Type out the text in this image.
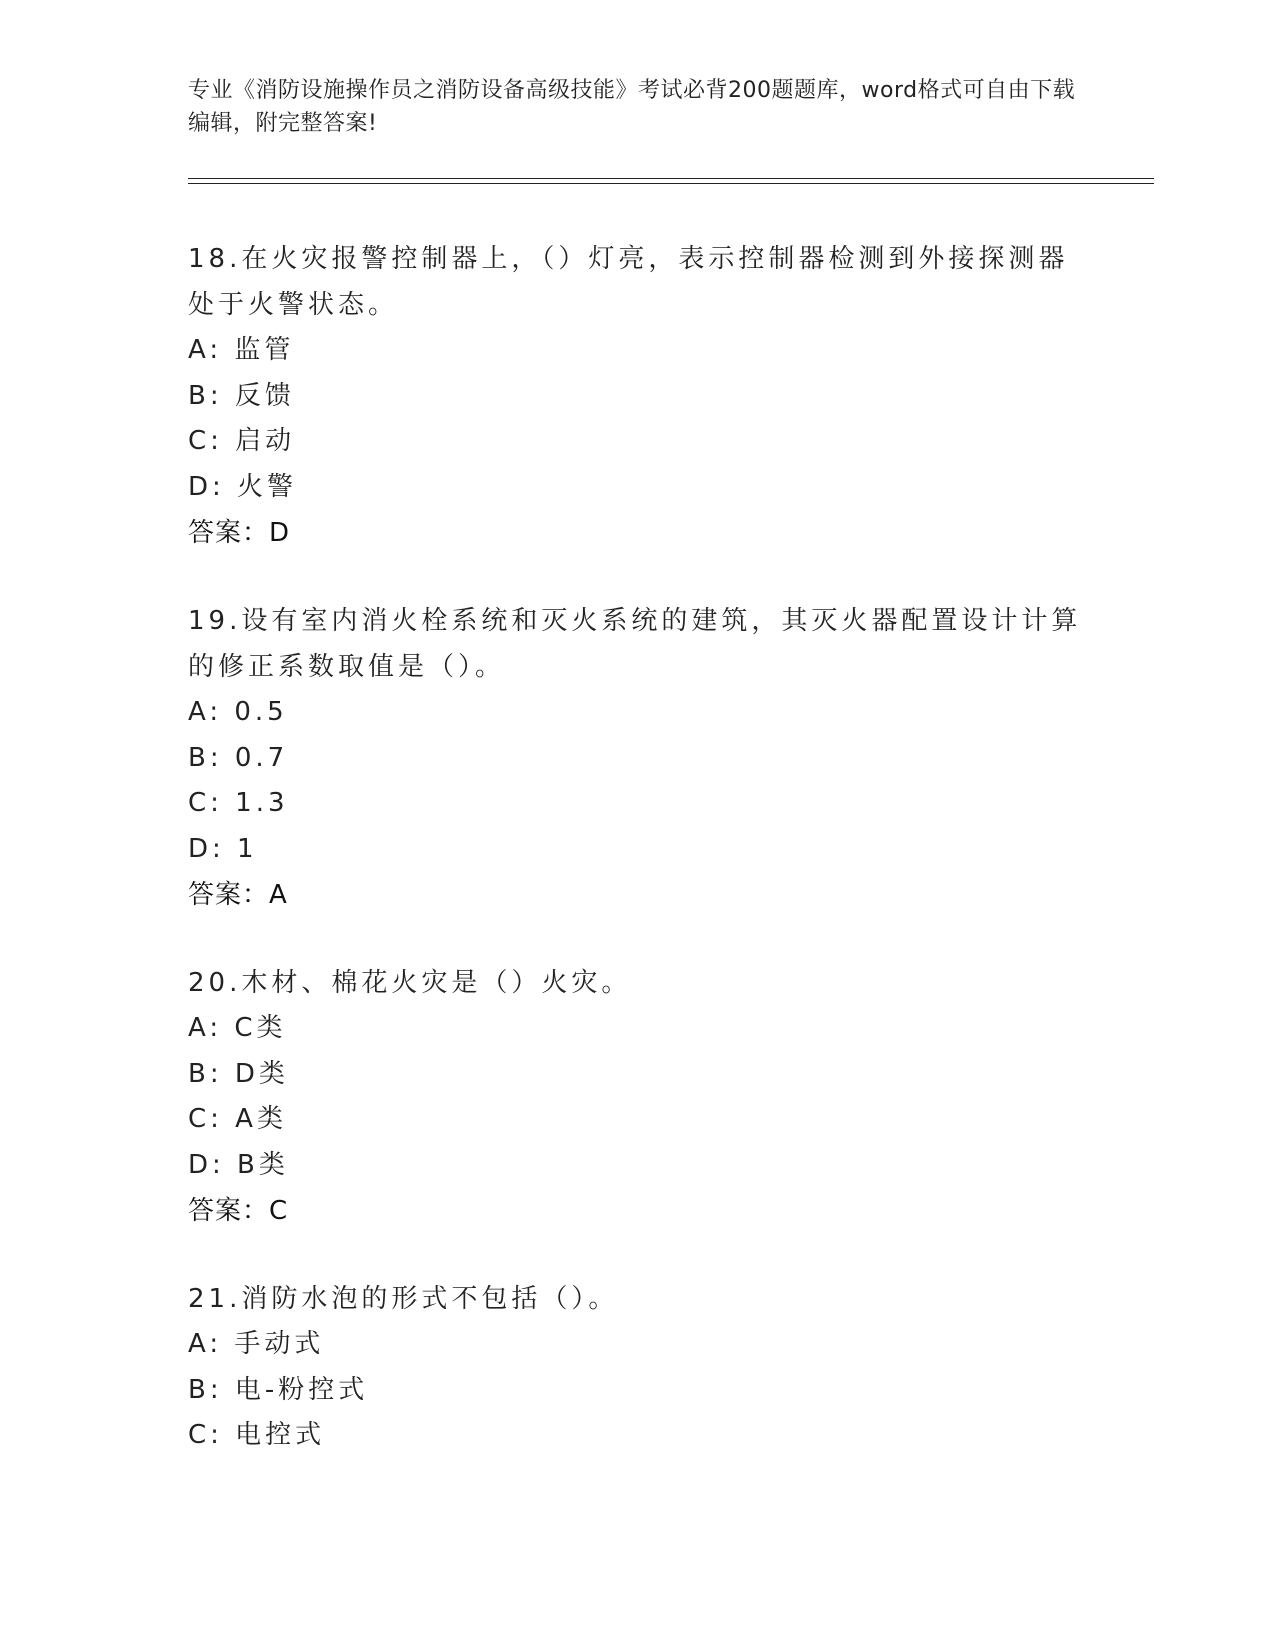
专业《消防设施操作员之消防设备高级技能》考试必背200题题库，word格式可自由下载编辑，附完整答案!

18.在火灾报警控制器上，（）灯亮，表示控制器检测到外接探测器处于火警状态。

A: 监管

B: 反馈

C: 启动

D: 火警

答案：D

19.设有室内消火栓系统和灭火系统的建筑，其灭火器配置设计计算的修正系数取值是（）。

A: 0.5

B: 0.7

C: 1.3

D: 1

答案：A

20.木材、棉花火灾是（）火灾。

A: C类

B: D类

C: A类

D: B类

答案：C

21.消防水泡的形式不包括（）。

A: 手动式

B: 电-粉控式

C: 电控式
